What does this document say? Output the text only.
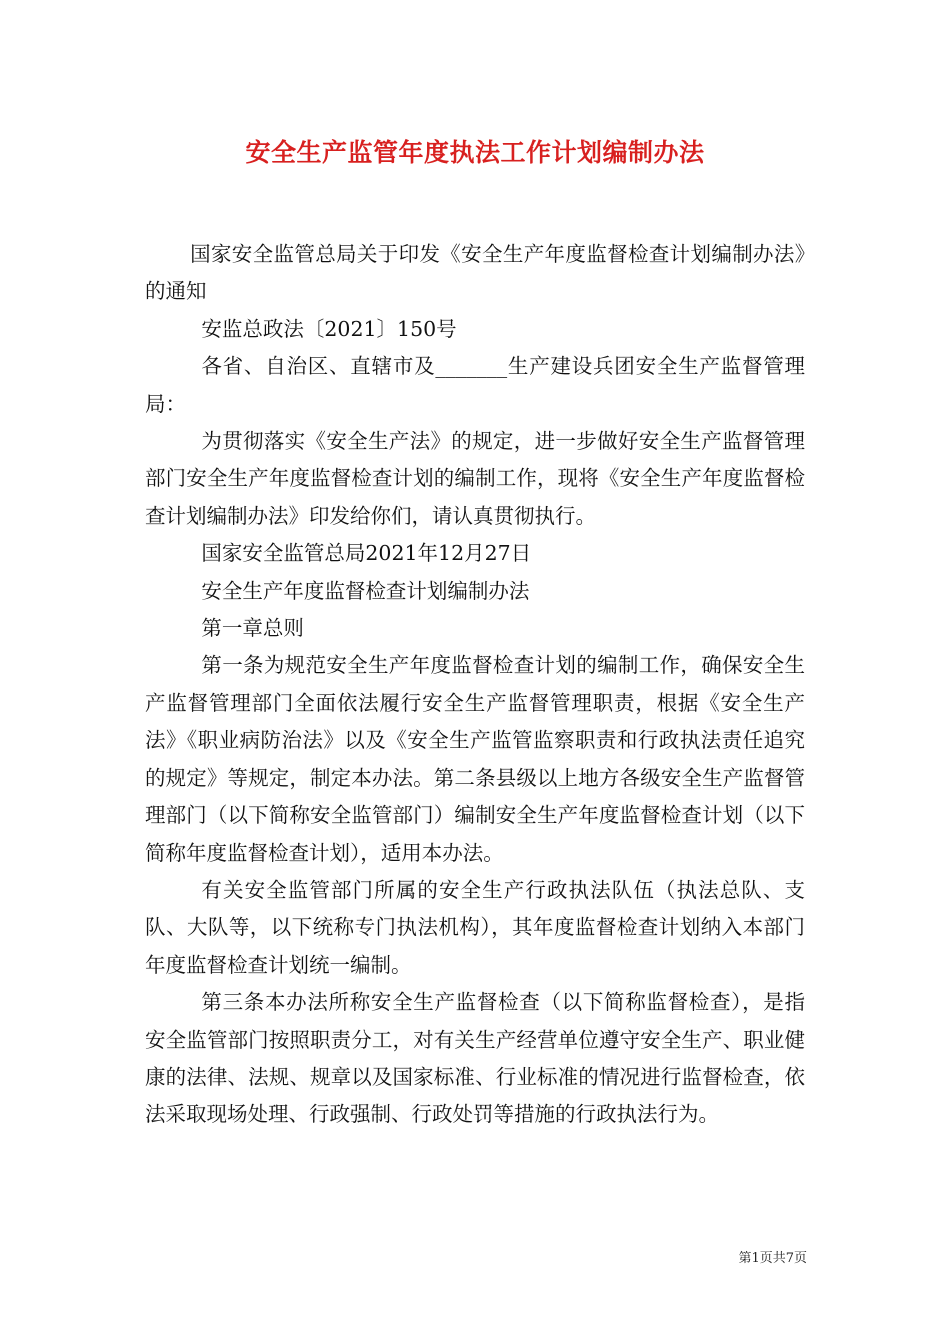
安全生产监管年度执法工作计划编制办法

国家安全监管总局关于印发《安全生产年度监督检查计划编制办法》的通知

安监总政法〔2021〕150号

各省、自治区、直辖市及_______生产建设兵团安全生产监督管理局：

为贯彻落实《安全生产法》的规定，进一步做好安全生产监督管理部门安全生产年度监督检查计划的编制工作，现将《安全生产年度监督检查计划编制办法》印发给你们，请认真贯彻执行。

国家安全监管总局2021年12月27日

安全生产年度监督检查计划编制办法

第一章总则

第一条为规范安全生产年度监督检查计划的编制工作，确保安全生产监督管理部门全面依法履行安全生产监督管理职责，根据《安全生产法》《职业病防治法》以及《安全生产监管监察职责和行政执法责任追究的规定》等规定，制定本办法。第二条县级以上地方各级安全生产监督管理部门（以下简称安全监管部门）编制安全生产年度监督检查计划（以下简称年度监督检查计划），适用本办法。

有关安全监管部门所属的安全生产行政执法队伍（执法总队、支队、大队等，以下统称专门执法机构），其年度监督检查计划纳入本部门年度监督检查计划统一编制。

第三条本办法所称安全生产监督检查（以下简称监督检查），是指安全监管部门按照职责分工，对有关生产经营单位遵守安全生产、职业健康的法律、法规、规章以及国家标准、行业标准的情况进行监督检查，依法采取现场处理、行政强制、行政处罚等措施的行政执法行为。

第1页共7页
